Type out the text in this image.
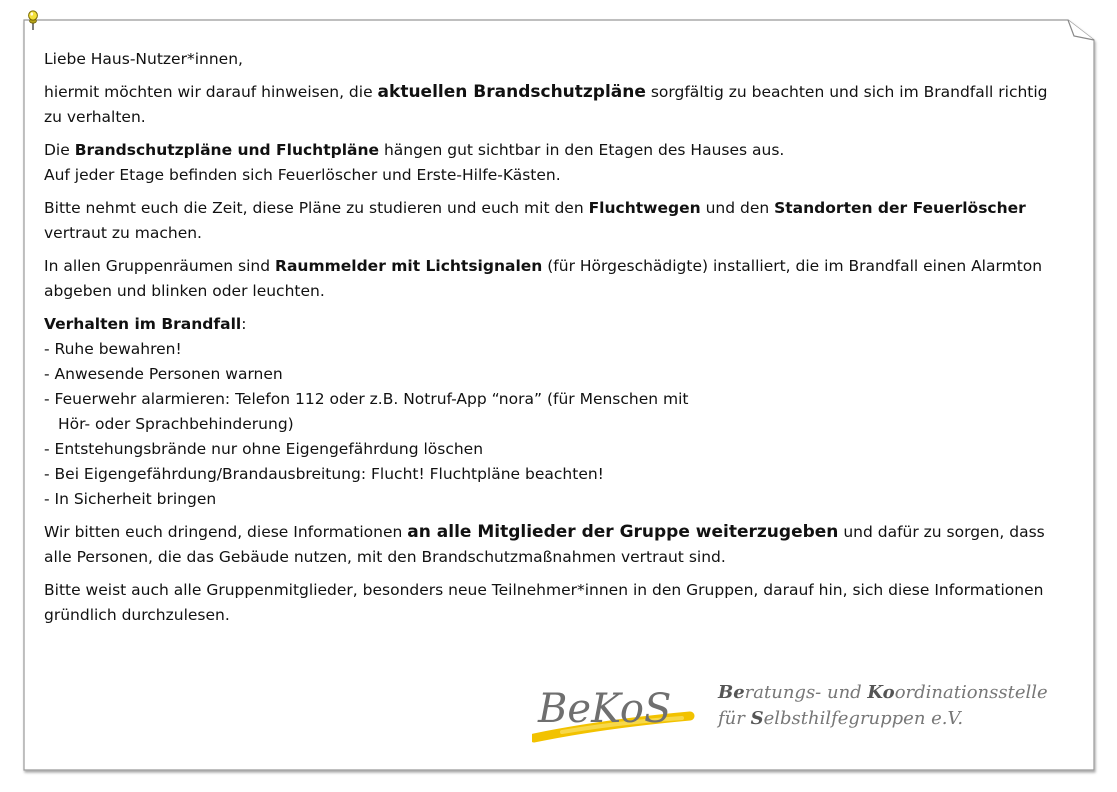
Liebe Haus-Nutzer*innen,

hiermit möchten wir darauf hinweisen, die aktuellen Brandschutzpläne sorgfältig zu beachten und sich im Brandfall richtig zu verhalten.

Die Brandschutzpläne und Fluchtpläne hängen gut sichtbar in den Etagen des Hauses aus.
Auf jeder Etage befinden sich Feuerlöscher und Erste-Hilfe-Kästen.

Bitte nehmt euch die Zeit, diese Pläne zu studieren und euch mit den Fluchtwegen und den Standorten der Feuerlöscher vertraut zu machen.

In allen Gruppenräumen sind Raummelder mit Lichtsignalen (für Hörgeschädigte) installiert, die im Brandfall einen Alarmton abgeben und blinken oder leuchten.

Verhalten im Brandfall:
- Ruhe bewahren!
- Anwesende Personen warnen
- Feuerwehr alarmieren: Telefon 112 oder z.B. Notruf-App “nora” (für Menschen mit
Hör- oder Sprachbehinderung)
- Entstehungsbrände nur ohne Eigengefährdung löschen
- Bei Eigengefährdung/Brandausbreitung: Flucht! Fluchtpläne beachten!
- In Sicherheit bringen

Wir bitten euch dringend, diese Informationen an alle Mitglieder der Gruppe weiterzugeben und dafür zu sorgen, dass alle Personen, die das Gebäude nutzen, mit den Brandschutzmaßnahmen vertraut sind.

Bitte weist auch alle Gruppenmitglieder, besonders neue Teilnehmer*innen in den Gruppen, darauf hin, sich diese Informationen gründlich durchzulesen.

BeKoS	Beratungs- und Koordinationsstelle
für Selbsthilfegruppen e.V.
